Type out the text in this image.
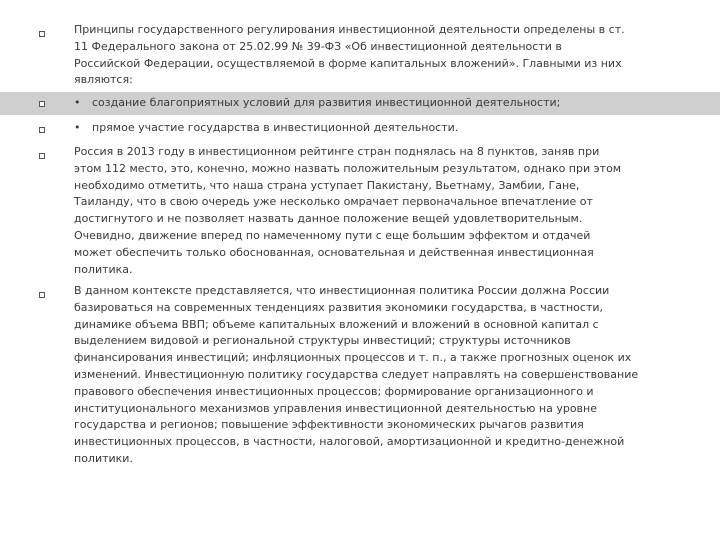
Принципы государственного регулирования инвестиционной деятельности определены в ст.
11 Федерального закона от 25.02.99 № 39-ФЗ «Об инвестиционной деятельности в
Российской Федерации, осуществляемой в форме капитальных вложений». Главными из них
являются:
• создание благоприятных условий для развития инвестиционной деятельности;
• прямое участие государства в инвестиционной деятельности.
Россия в 2013 году в инвестиционном рейтинге стран поднялась на 8 пунктов, заняв при
этом 112 место, это, конечно, можно назвать положительным результатом, однако при этом
необходимо отметить, что наша страна уступает Пакистану, Вьетнаму, Замбии, Гане,
Таиланду, что в свою очередь уже несколько омрачает первоначальное впечатление от
достигнутого и не позволяет назвать данное положение вещей удовлетворительным.
Очевидно, движение вперед по намеченному пути с еще большим эффектом и отдачей
может обеспечить только обоснованная, основательная и действенная инвестиционная
политика.
В данном контексте представляется, что инвестиционная политика России должна России
базироваться на современных тенденциях развития экономики государства, в частности,
динамике объема ВВП; объеме капитальных вложений и вложений в основной капитал с
выделением видовой и региональной структуры инвестиций; структуры источников
финансирования инвестиций; инфляционных процессов и т. п., а также прогнозных оценок их
изменений. Инвестиционную политику государства следует направлять на совершенствование
правового обеспечения инвестиционных процессов; формирование организационного и
институционального механизмов управления инвестиционной деятельностью на уровне
государства и регионов; повышение эффективности экономических рычагов развития
инвестиционных процессов, в частности, налоговой, амортизационной и кредитно-денежной
политики.
